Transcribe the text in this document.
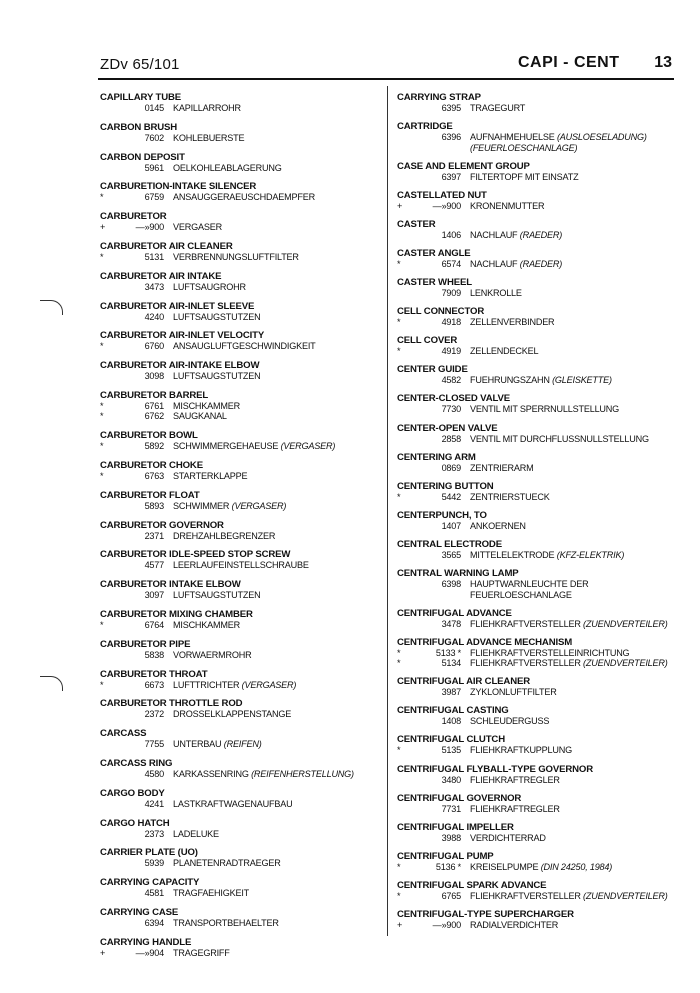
ZDv 65/101	CAPI - CENT 13
CAPILLARY TUBE
0145 KAPILLARROHR
CARBON BRUSH
7602 KOHLEBUERSTE
CARBON DEPOSIT
5961 OELKOHLEABLAGERUNG
CARBURETION-INTAKE SILENCER
*	6759 ANSAUGGERAEUSCHDAEMPFER
CARBURETOR
+	—»900 VERGASER
CARBURETOR AIR CLEANER
*	5131 VERBRENNUNGSLUFTFILTER
CARBURETOR AIR INTAKE
3473 LUFTSAUGROHR
CARBURETOR AIR-INLET SLEEVE
4240 LUFTSAUGSTUTZEN
CARBURETOR AIR-INLET VELOCITY
*	6760 ANSAUGLUFTGESCHWINDIGKEIT
CARBURETOR AIR-INTAKE ELBOW
3098 LUFTSAUGSTUTZEN
CARBURETOR BARREL
*	6761 MISCHKAMMER
*	6762 SAUGKANAL
CARBURETOR BOWL
*	5892 SCHWIMMERGEHAEUSE (VERGASER)
CARBURETOR CHOKE
*	6763 STARTERKLAPPE
CARBURETOR FLOAT
5893 SCHWIMMER (VERGASER)
CARBURETOR GOVERNOR
2371 DREHZAHLBEGRENZER
CARBURETOR IDLE-SPEED STOP SCREW
4577 LEERLAUFEINSTELLSCHRAUBE
CARBURETOR INTAKE ELBOW
3097 LUFTSAUGSTUTZEN
CARBURETOR MIXING CHAMBER
*	6764 MISCHKAMMER
CARBURETOR PIPE
5838 VORWAERMROHR
CARBURETOR THROAT
*	6673 LUFTTRICHTER (VERGASER)
CARBURETOR THROTTLE ROD
2372 DROSSELKLAPPENSTANGE
CARCASS
7755 UNTERBAU (REIFEN)
CARCASS RING
4580 KARKASSENRING (REIFENHERSTELLUNG)
CARGO BODY
4241 LASTKRAFTWAGENAUFBAU
CARGO HATCH
2373 LADELUKE
CARRIER PLATE (UO)
5939 PLANETENRADTRAEGER
CARRYING CAPACITY
4581 TRAGFAEHIGKEIT
CARRYING CASE
6394 TRANSPORTBEHAELTER
CARRYING HANDLE
+	—»904 TRAGEGRIFF
CARRYING STRAP
6395 TRAGEGURT
CARTRIDGE
6396 AUFNAHMEHUELSE (AUSLOESELADUNG)
(FEUERLOESCHANLAGE)
CASE AND ELEMENT GROUP
6397 FILTERTOPF MIT EINSATZ
CASTELLATED NUT
+	—»900 KRONENMUTTER
CASTER
1406 NACHLAUF (RAEDER)
CASTER ANGLE
*	6574 NACHLAUF (RAEDER)
CASTER WHEEL
7909 LENKROLLE
CELL CONNECTOR
*	4918 ZELLENVERBINDER
CELL COVER
*	4919 ZELLENDECKEL
CENTER GUIDE
4582 FUEHRUNGSZAHN (GLEISKETTE)
CENTER-CLOSED VALVE
7730 VENTIL MIT SPERRNULLSTELLUNG
CENTER-OPEN VALVE
2858 VENTIL MIT DURCHFLUSSNULLSTELLUNG
CENTERING ARM
0869 ZENTRIERARM
CENTERING BUTTON
*	5442 ZENTRIERSTUECK
CENTERPUNCH, TO
1407 ANKOERNEN
CENTRAL ELECTRODE
3565 MITTELELEKTRODE (KFZ-ELEKTRIK)
CENTRAL WARNING LAMP
6398 HAUPTWARNLEUCHTE DER
FEUERLOESCHANLAGE
CENTRIFUGAL ADVANCE
3478 FLIEHKRAFTVERSTELLER (ZUENDVERTEILER)
CENTRIFUGAL ADVANCE MECHANISM
*	5133 * FLIEHKRAFTVERSTELLEINRICHTUNG
*	5134 FLIEHKRAFTVERSTELLER (ZUENDVERTEILER)
CENTRIFUGAL AIR CLEANER
3987 ZYKLONLUFTFILTER
CENTRIFUGAL CASTING
1408 SCHLEUDERGUSS
CENTRIFUGAL CLUTCH
*	5135 FLIEHKRAFTKUPPLUNG
CENTRIFUGAL FLYBALL-TYPE GOVERNOR
3480 FLIEHKRAFTREGLER
CENTRIFUGAL GOVERNOR
7731 FLIEHKRAFTREGLER
CENTRIFUGAL IMPELLER
3988 VERDICHTERRAD
CENTRIFUGAL PUMP
*	5136 * KREISELPUMPE (DIN 24250, 1984)
CENTRIFUGAL SPARK ADVANCE
*	6765 FLIEHKRAFTVERSTELLER (ZUENDVERTEILER)
CENTRIFUGAL-TYPE SUPERCHARGER
+	—»900 RADIALVERDICHTER
